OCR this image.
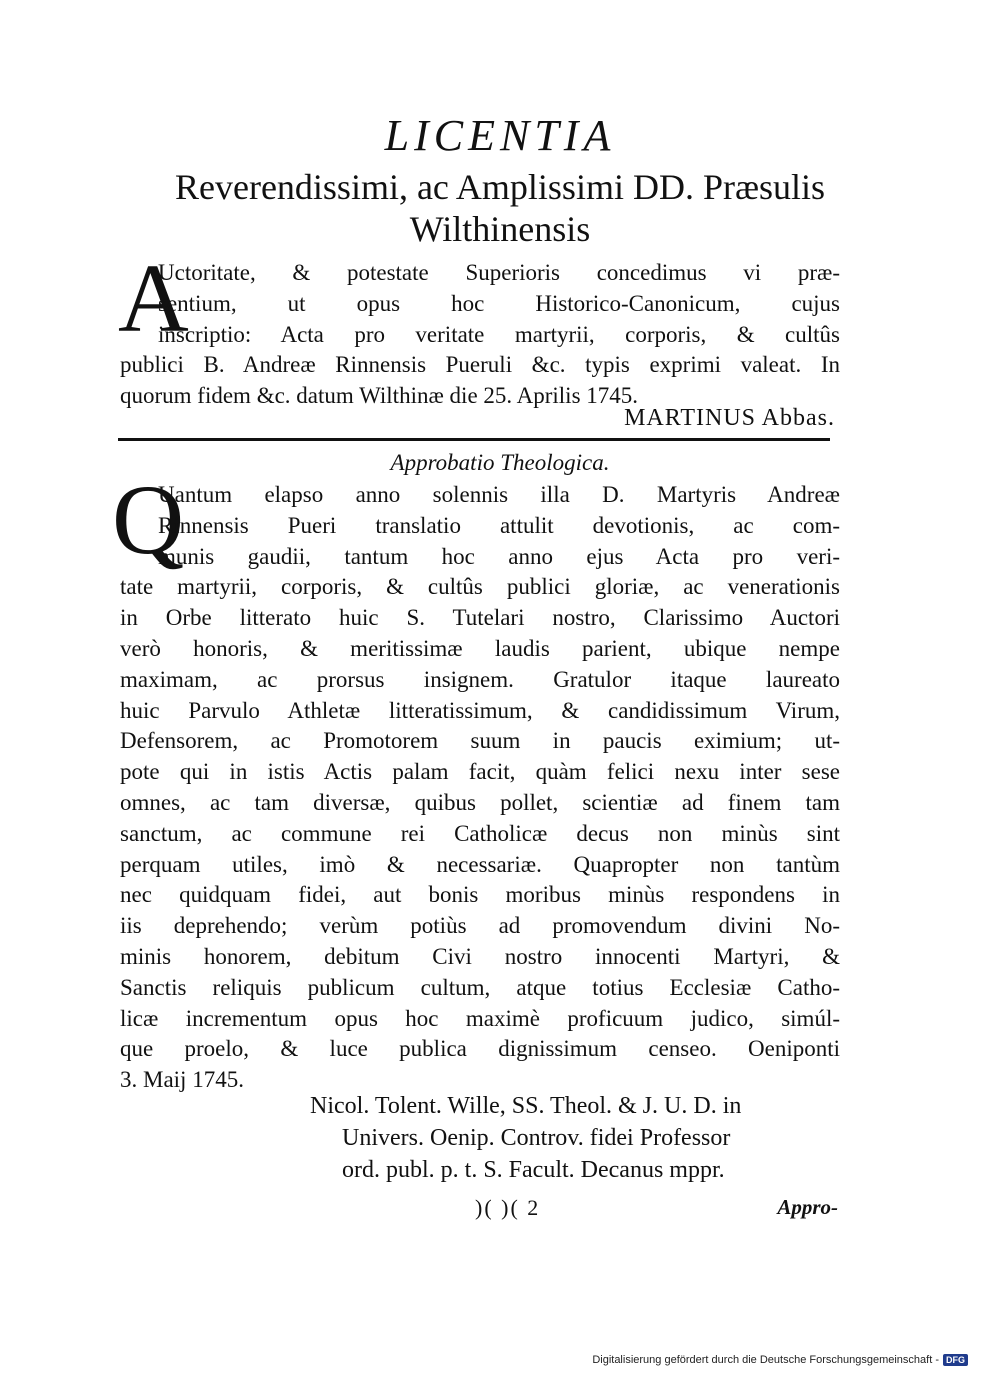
LICENTIA
Reverendissimi, ac Amplissimi DD. Præsulis
Wilthinensis
A
Uctoritate, & potestate Superioris concedimus vi præ-
sentium, ut opus hoc Historico-Canonicum, cujus
inscriptio: Acta pro veritate martyrii, corporis, & cultûs
publici B. Andreæ Rinnensis Pueruli &c. typis exprimi valeat. In
quorum fidem &c. datum Wilthinæ die 25. Aprilis 1745.
MARTINUS Abbas.
Approbatio Theologica.
Q
Uantum elapso anno solennis illa D. Martyris Andreæ
Rinnensis Pueri translatio attulit devotionis, ac com-
munis gaudii, tantum hoc anno ejus Acta pro veri-
tate martyrii, corporis, & cultûs publici gloriæ, ac venerationis
in Orbe litterato huic S. Tutelari nostro, Clarissimo Auctori
verò honoris, & meritissimæ laudis parient, ubique nempe
maximam, ac prorsus insignem. Gratulor itaque laureato
huic Parvulo Athletæ litteratissimum, & candidissimum Virum,
Defensorem, ac Promotorem suum in paucis eximium; ut-
pote qui in istis Actis palam facit, quàm felici nexu inter sese
omnes, ac tam diversæ, quibus pollet, scientiæ ad finem tam
sanctum, ac commune rei Catholicæ decus non minùs sint
perquam utiles, imò & necessariæ. Quapropter non tantùm
nec quidquam fidei, aut bonis moribus minùs respondens in
iis deprehendo; verùm potiùs ad promovendum divini No-
minis honorem, debitum Civi nostro innocenti Martyri, &
Sanctis reliquis publicum cultum, atque totius Ecclesiæ Catho-
licæ incrementum opus hoc maximè proficuum judico, simúl-
que proelo, & luce publica dignissimum censeo. Oeniponti
3. Maij 1745.
Nicol. Tolent. Wille, SS. Theol. & J. U. D. in
Univers. Oenip. Controv. fidei Professor
ord. publ. p. t. S. Facult. Decanus mppr.
)( )( 2	Appro-
Digitalisierung gefördert durch die Deutsche Forschungsgemeinschaft - DFG
